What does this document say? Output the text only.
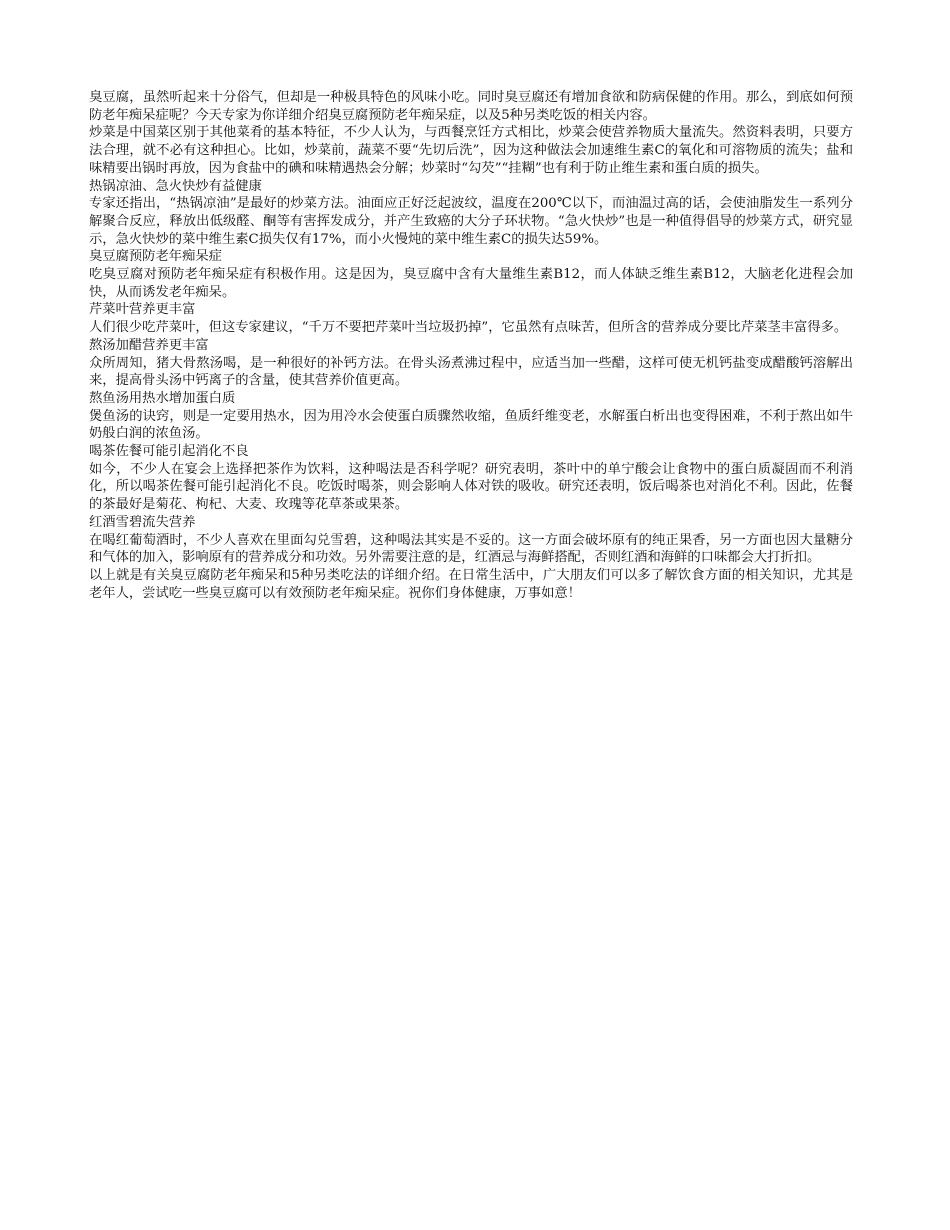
臭豆腐，虽然听起来十分俗气，但却是一种极具特色的风味小吃。同时臭豆腐还有增加食欲和防病保健的作用。那么，到底如何预防老年痴呆症呢？今天专家为你详细介绍臭豆腐预防老年痴呆症，以及5种另类吃饭的相关内容。

炒菜是中国菜区别于其他菜肴的基本特征，不少人认为，与西餐烹饪方式相比，炒菜会使营养物质大量流失。然资料表明，只要方法合理，就不必有这种担心。比如，炒菜前，蔬菜不要“先切后洗”，因为这种做法会加速维生素C的氧化和可溶物质的流失；盐和味精要出锅时再放，因为食盐中的碘和味精遇热会分解；炒菜时“勾芡”“挂糊”也有利于防止维生素和蛋白质的损失。

热锅凉油、急火快炒有益健康

专家还指出，“热锅凉油”是最好的炒菜方法。油面应正好泛起波纹，温度在200℃以下，而油温过高的话，会使油脂发生一系列分解聚合反应，释放出低级醛、酮等有害挥发成分，并产生致癌的大分子环状物。“急火快炒”也是一种值得倡导的炒菜方式，研究显示，急火快炒的菜中维生素C损失仅有17%，而小火慢炖的菜中维生素C的损失达59%。

臭豆腐预防老年痴呆症

吃臭豆腐对预防老年痴呆症有积极作用。这是因为，臭豆腐中含有大量维生素B12，而人体缺乏维生素B12，大脑老化进程会加快，从而诱发老年痴呆。

芹菜叶营养更丰富

人们很少吃芹菜叶，但这专家建议，“千万不要把芹菜叶当垃圾扔掉”，它虽然有点味苦，但所含的营养成分要比芹菜茎丰富得多。

熬汤加醋营养更丰富

众所周知，猪大骨熬汤喝，是一种很好的补钙方法。在骨头汤煮沸过程中，应适当加一些醋，这样可使无机钙盐变成醋酸钙溶解出来，提高骨头汤中钙离子的含量，使其营养价值更高。

熬鱼汤用热水增加蛋白质

煲鱼汤的诀窍，则是一定要用热水，因为用冷水会使蛋白质骤然收缩，鱼质纤维变老，水解蛋白析出也变得困难，不利于熬出如牛奶般白润的浓鱼汤。

喝茶佐餐可能引起消化不良

如今，不少人在宴会上选择把茶作为饮料，这种喝法是否科学呢？研究表明，茶叶中的单宁酸会让食物中的蛋白质凝固而不利消化，所以喝茶佐餐可能引起消化不良。吃饭时喝茶，则会影响人体对铁的吸收。研究还表明，饭后喝茶也对消化不利。因此，佐餐的茶最好是菊花、枸杞、大麦、玫瑰等花草茶或果茶。

红酒雪碧流失营养

在喝红葡萄酒时，不少人喜欢在里面勾兑雪碧，这种喝法其实是不妥的。这一方面会破坏原有的纯正果香，另一方面也因大量糖分和气体的加入，影响原有的营养成分和功效。另外需要注意的是，红酒忌与海鲜搭配，否则红酒和海鲜的口味都会大打折扣。

以上就是有关臭豆腐防老年痴呆和5种另类吃法的详细介绍。在日常生活中，广大朋友们可以多了解饮食方面的相关知识，尤其是老年人，尝试吃一些臭豆腐可以有效预防老年痴呆症。祝你们身体健康，万事如意！
